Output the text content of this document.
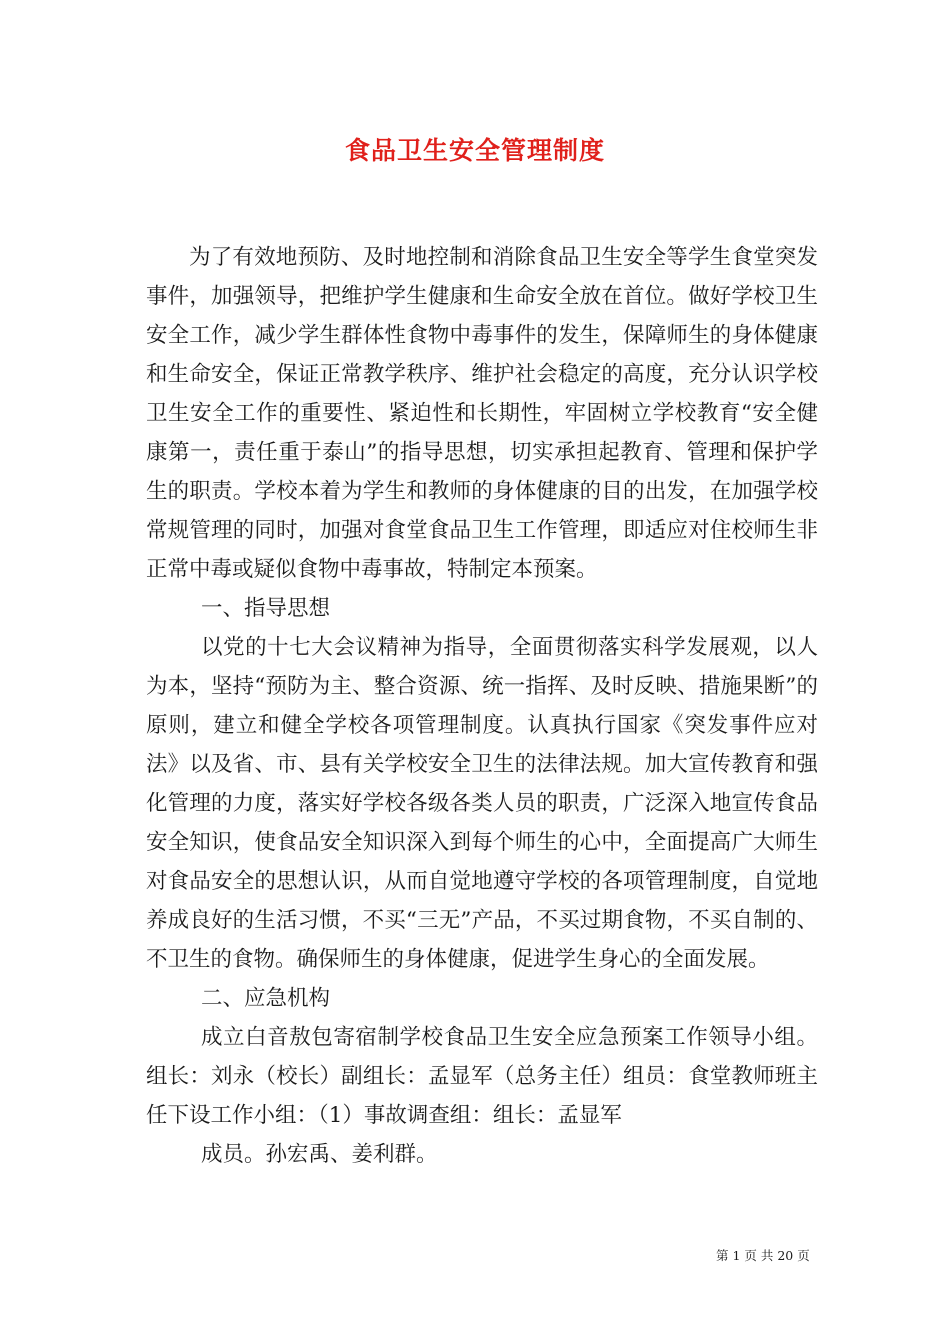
食品卫生安全管理制度

为了有效地预防、及时地控制和消除食品卫生安全等学生食堂突发事件，加强领导，把维护学生健康和生命安全放在首位。做好学校卫生安全工作，减少学生群体性食物中毒事件的发生，保障师生的身体健康和生命安全，保证正常教学秩序、维护社会稳定的高度，充分认识学校卫生安全工作的重要性、紧迫性和长期性，牢固树立学校教育“安全健康第一，责任重于泰山”的指导思想，切实承担起教育、管理和保护学生的职责。学校本着为学生和教师的身体健康的目的出发，在加强学校常规管理的同时，加强对食堂食品卫生工作管理，即适应对住校师生非正常中毒或疑似食物中毒事故，特制定本预案。

一、指导思想

以党的十七大会议精神为指导，全面贯彻落实科学发展观，以人为本，坚持“预防为主、整合资源、统一指挥、及时反映、措施果断”的原则，建立和健全学校各项管理制度。认真执行国家《突发事件应对法》以及省、市、县有关学校安全卫生的法律法规。加大宣传教育和强化管理的力度，落实好学校各级各类人员的职责，广泛深入地宣传食品安全知识，使食品安全知识深入到每个师生的心中，全面提高广大师生对食品安全的思想认识，从而自觉地遵守学校的各项管理制度，自觉地养成良好的生活习惯，不买“三无”产品，不买过期食物，不买自制的、不卫生的食物。确保师生的身体健康，促进学生身心的全面发展。

二、应急机构

成立白音敖包寄宿制学校食品卫生安全应急预案工作领导小组。组长：刘永（校长）副组长：孟显军（总务主任）组员：食堂教师班主任下设工作小组：（1）事故调查组：组长：孟显军

成员。孙宏禹、姜利群。

第 1 页 共 20 页
